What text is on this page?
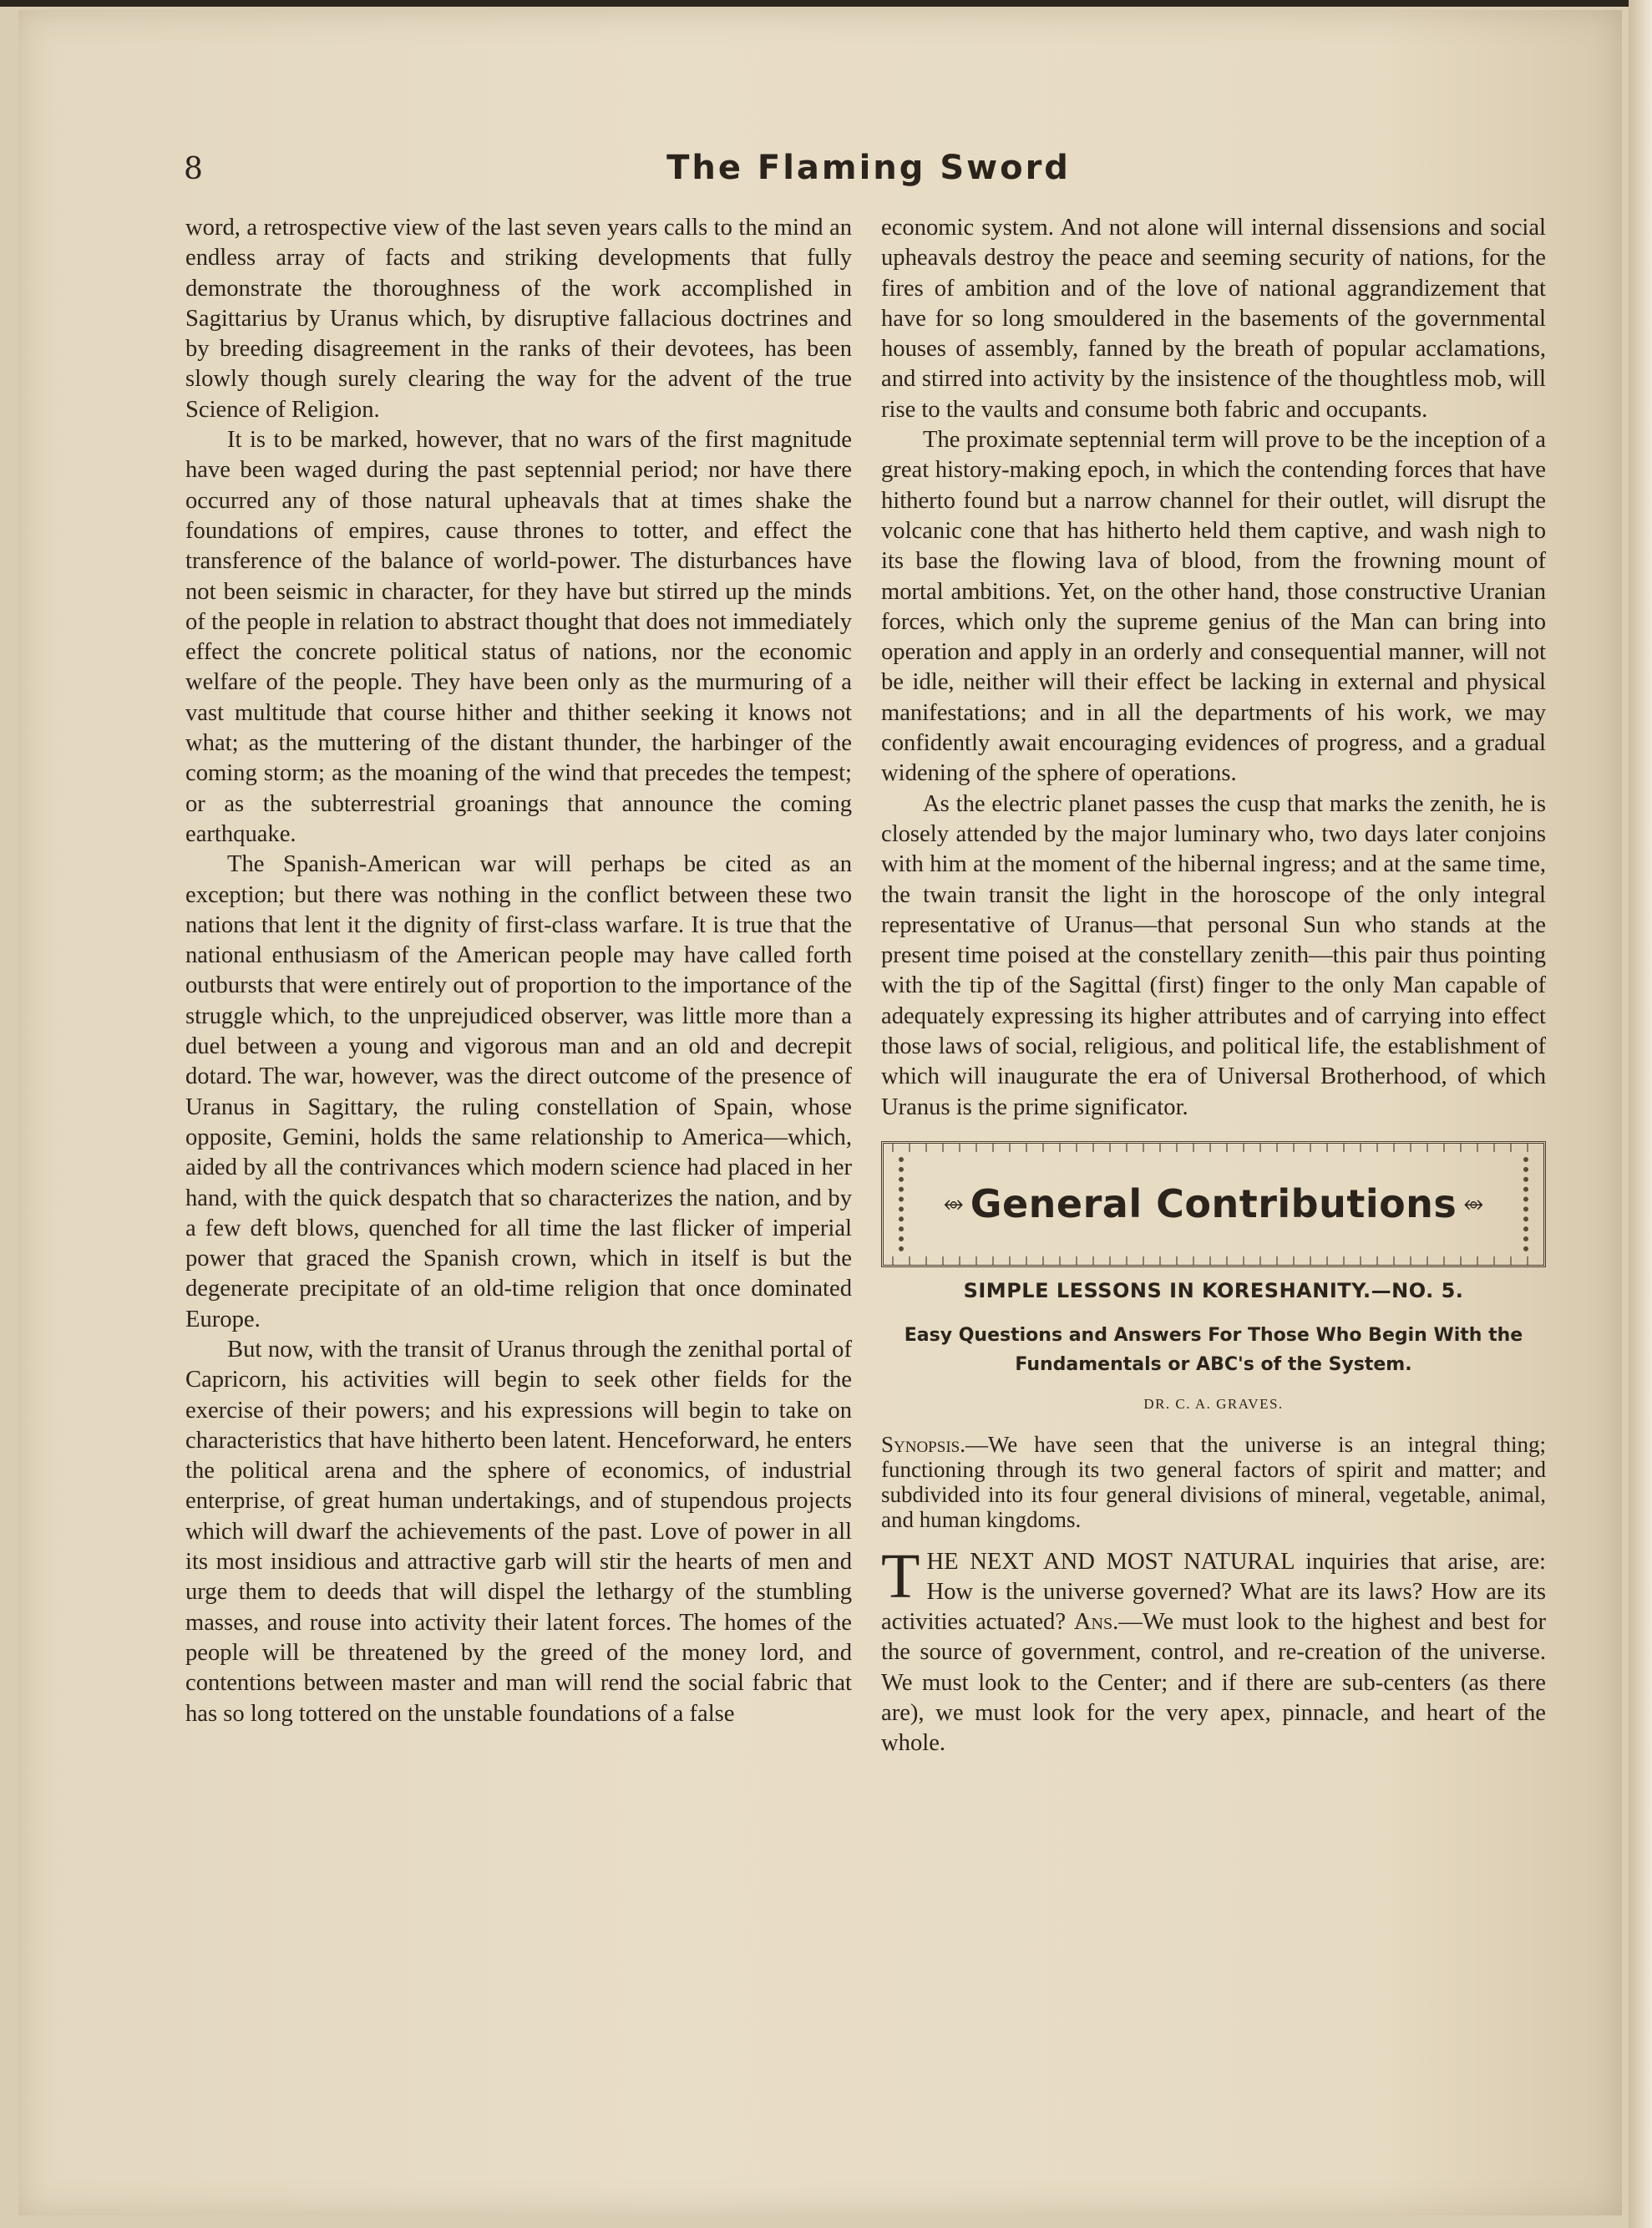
8	The Flaming Sword

word, a retrospective view of the last seven years calls to the mind an endless array of facts and striking developments that fully demonstrate the thoroughness of the work accomplished in Sagittarius by Uranus which, by disruptive fallacious doctrines and by breeding disagreement in the ranks of their devotees, has been slowly though surely clearing the way for the advent of the true Science of Religion.

It is to be marked, however, that no wars of the first magnitude have been waged during the past septennial period; nor have there occurred any of those natural upheavals that at times shake the foundations of empires, cause thrones to totter, and effect the transference of the balance of world-power. The disturbances have not been seismic in character, for they have but stirred up the minds of the people in relation to abstract thought that does not immediately effect the concrete political status of nations, nor the economic welfare of the people. They have been only as the murmuring of a vast multitude that course hither and thither seeking it knows not what; as the muttering of the distant thunder, the harbinger of the coming storm; as the moaning of the wind that precedes the tempest; or as the subterrestrial groanings that announce the coming earthquake.

The Spanish-American war will perhaps be cited as an exception; but there was nothing in the conflict between these two nations that lent it the dignity of first-class warfare. It is true that the national enthusiasm of the American people may have called forth outbursts that were entirely out of proportion to the importance of the struggle which, to the unprejudiced observer, was little more than a duel between a young and vigorous man and an old and decrepit dotard. The war, however, was the direct outcome of the presence of Uranus in Sagittary, the ruling constellation of Spain, whose opposite, Gemini, holds the same relationship to America—which, aided by all the contrivances which modern science had placed in her hand, with the quick despatch that so characterizes the nation, and by a few deft blows, quenched for all time the last flicker of imperial power that graced the Spanish crown, which in itself is but the degenerate precipitate of an old-time religion that once dominated Europe.

But now, with the transit of Uranus through the zenithal portal of Capricorn, his activities will begin to seek other fields for the exercise of their powers; and his expressions will begin to take on characteristics that have hitherto been latent. Henceforward, he enters the political arena and the sphere of economics, of industrial enterprise, of great human undertakings, and of stupendous projects which will dwarf the achievements of the past. Love of power in all its most insidious and attractive garb will stir the hearts of men and urge them to deeds that will dispel the lethargy of the stumbling masses, and rouse into activity their latent forces. The homes of the people will be threatened by the greed of the money lord, and contentions between master and man will rend the social fabric that has so long tottered on the unstable foundations of a false

economic system. And not alone will internal dissensions and social upheavals destroy the peace and seeming security of nations, for the fires of ambition and of the love of national aggrandizement that have for so long smouldered in the basements of the governmental houses of assembly, fanned by the breath of popular acclamations, and stirred into activity by the insistence of the thoughtless mob, will rise to the vaults and consume both fabric and occupants.

The proximate septennial term will prove to be the inception of a great history-making epoch, in which the contending forces that have hitherto found but a narrow channel for their outlet, will disrupt the volcanic cone that has hitherto held them captive, and wash nigh to its base the flowing lava of blood, from the frowning mount of mortal ambitions. Yet, on the other hand, those constructive Uranian forces, which only the supreme genius of the Man can bring into operation and apply in an orderly and consequential manner, will not be idle, neither will their effect be lacking in external and physical manifestations; and in all the departments of his work, we may confidently await encouraging evidences of progress, and a gradual widening of the sphere of operations.

As the electric planet passes the cusp that marks the zenith, he is closely attended by the major luminary who, two days later conjoins with him at the moment of the hibernal ingress; and at the same time, the twain transit the light in the horoscope of the only integral representative of Uranus—that personal Sun who stands at the present time poised at the constellary zenith—this pair thus pointing with the tip of the Sagittal (first) finger to the only Man capable of adequately expressing its higher attributes and of carrying into effect those laws of social, religious, and political life, the establishment of which will inaugurate the era of Universal Brotherhood, of which Uranus is the prime significator.

⥈ General Contributions ⥈
SIMPLE LESSONS IN KORESHANITY.—NO. 5.
Easy Questions and Answers For Those Who Begin With the Fundamentals or ABC's of the System.
DR. C. A. GRAVES.

Synopsis.—We have seen that the universe is an integral thing; functioning through its two general factors of spirit and matter; and subdivided into its four general divisions of mineral, vegetable, animal, and human kingdoms.

THE NEXT AND MOST NATURAL inquiries that arise, are: How is the universe governed? What are its laws? How are its activities actuated? Ans.—We must look to the highest and best for the source of government, control, and re-creation of the universe. We must look to the Center; and if there are sub-centers (as there are), we must look for the very apex, pinnacle, and heart of the whole.
